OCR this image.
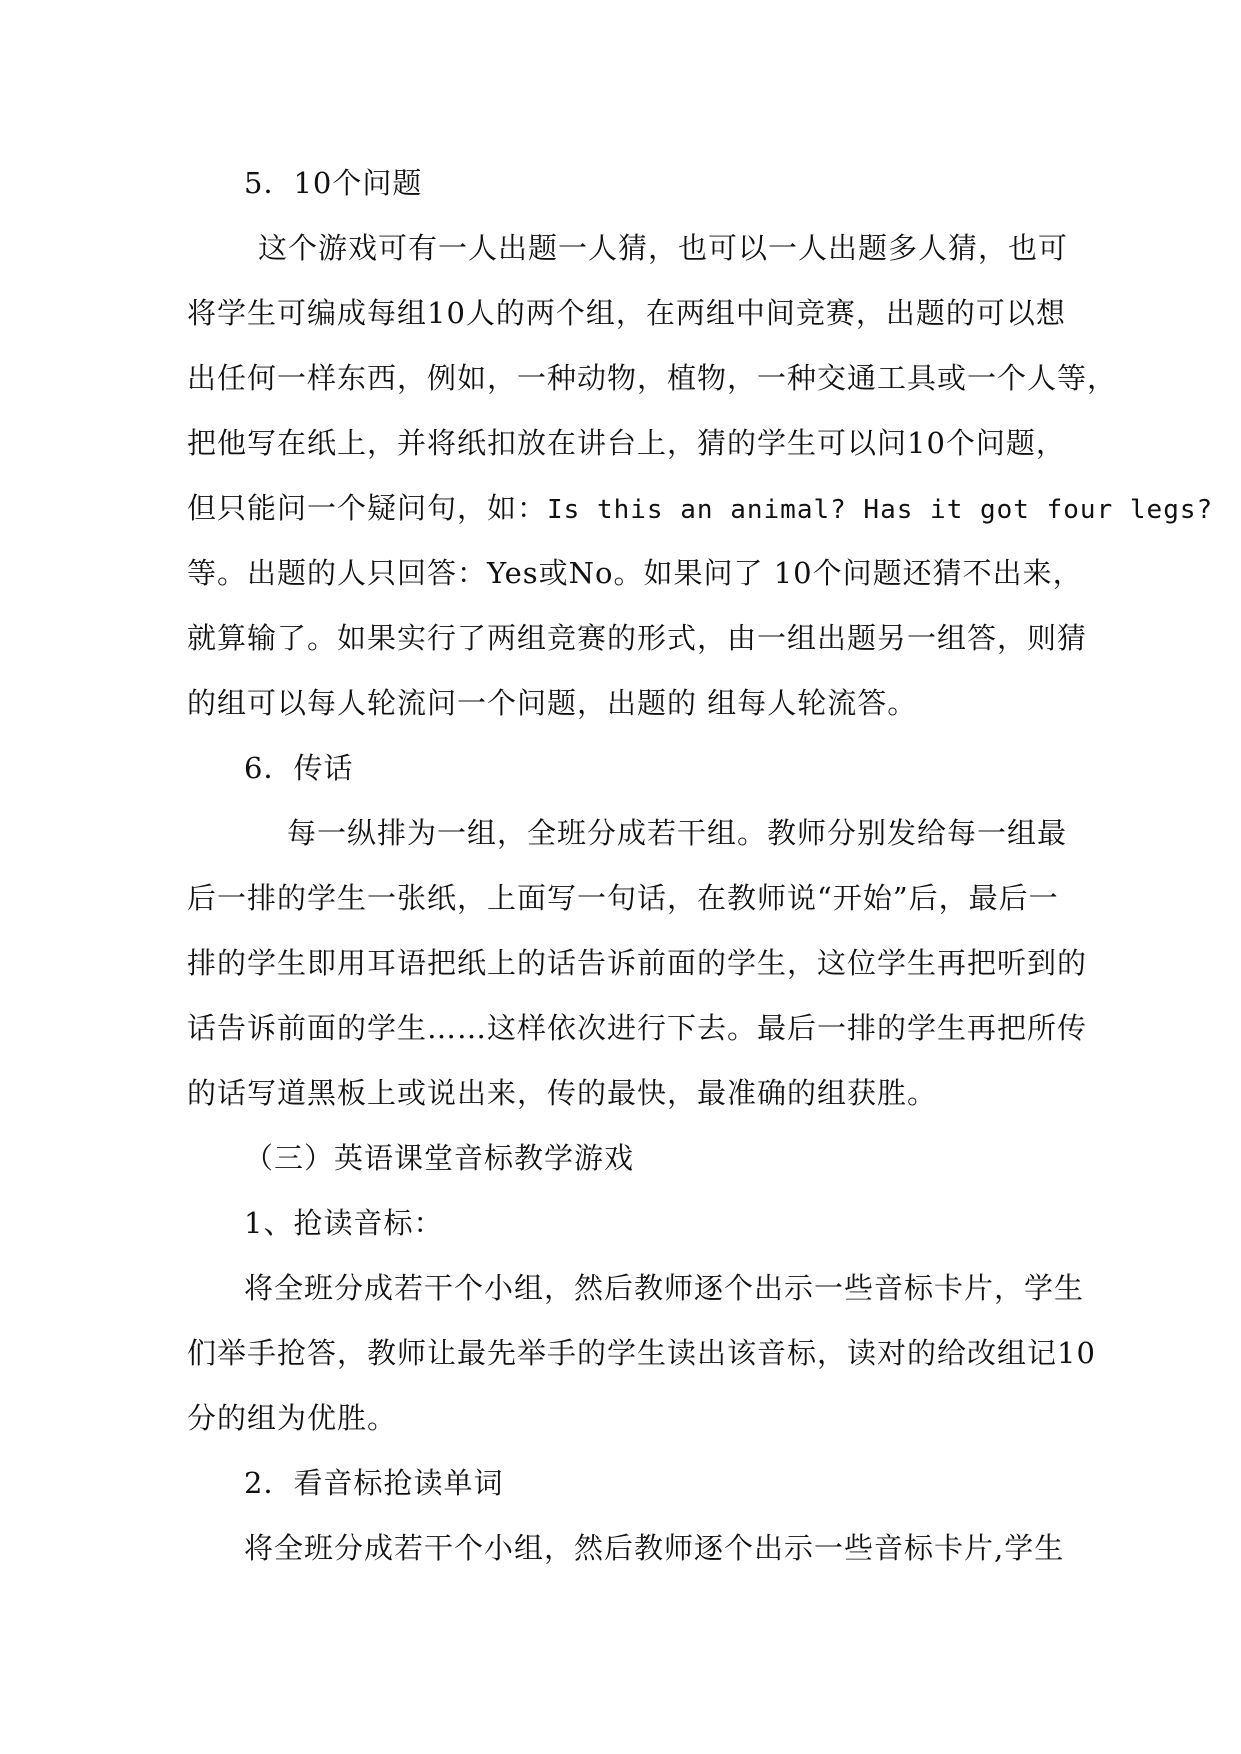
5．10个问题
这个游戏可有一人出题一人猜，也可以一人出题多人猜，也可
将学生可编成每组10人的两个组，在两组中间竞赛，出题的可以想
出任何一样东西，例如，一种动物，植物，一种交通工具或一个人等，
把他写在纸上，并将纸扣放在讲台上，猜的学生可以问10个问题，
但只能问一个疑问句，如：Is this an animal? Has it got four legs?
等。出题的人只回答：Yes或No。如果问了 10个问题还猜不出来，
就算输了。如果实行了两组竞赛的形式，由一组出题另一组答，则猜
的组可以每人轮流问一个问题，出题的 组每人轮流答。
6．传话
每一纵排为一组，全班分成若干组。教师分别发给每一组最
后一排的学生一张纸，上面写一句话，在教师说“开始”后，最后一
排的学生即用耳语把纸上的话告诉前面的学生，这位学生再把听到的
话告诉前面的学生……这样依次进行下去。最后一排的学生再把所传
的话写道黑板上或说出来，传的最快，最准确的组获胜。
（三）英语课堂音标教学游戏
1、抢读音标：
将全班分成若干个小组，然后教师逐个出示一些音标卡片，学生
们举手抢答，教师让最先举手的学生读出该音标，读对的给改组记10
分的组为优胜。
2．看音标抢读单词
将全班分成若干个小组，然后教师逐个出示一些音标卡片,学生
